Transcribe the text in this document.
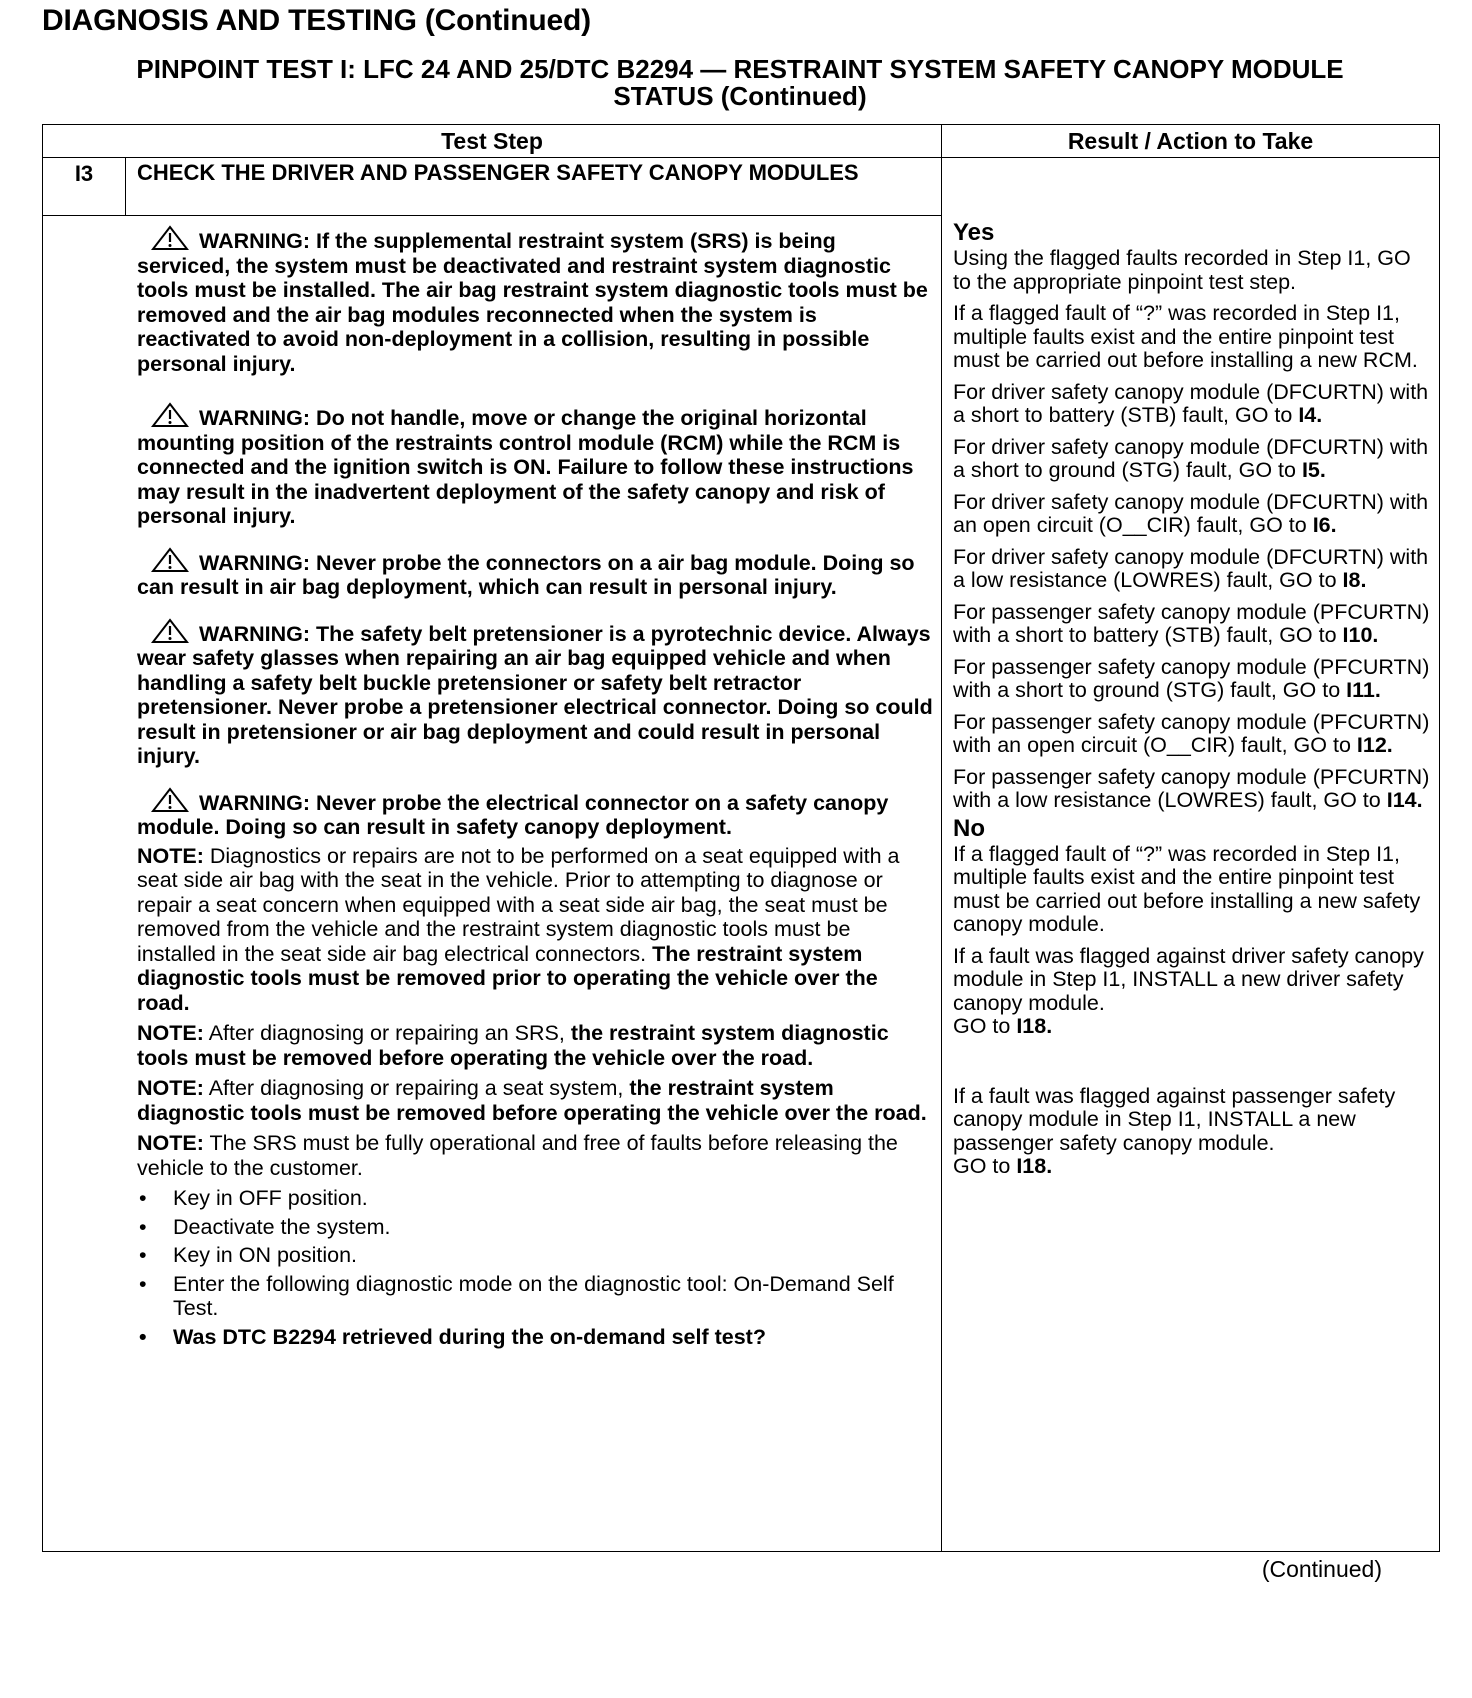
DIAGNOSIS AND TESTING (Continued)
PINPOINT TEST I: LFC 24 AND 25/DTC B2294 — RESTRAINT SYSTEM SAFETY CANOPY MODULE
STATUS (Continued)
Test Step	Result / Action to Take
I3	CHECK THE DRIVER AND PASSENGER SAFETY CANOPY MODULES
WARNING: If the supplemental restraint system (SRS) is being serviced, the system must be deactivated and restraint system diagnostic tools must be installed. The air bag restraint system diagnostic tools must be removed and the air bag modules reconnected when the system is reactivated to avoid non-deployment in a collision, resulting in possible personal injury.
WARNING: Do not handle, move or change the original horizontal mounting position of the restraints control module (RCM) while the RCM is connected and the ignition switch is ON. Failure to follow these instructions may result in the inadvertent deployment of the safety canopy and risk of personal injury.
WARNING: Never probe the connectors on a air bag module. Doing so can result in air bag deployment, which can result in personal injury.
WARNING: The safety belt pretensioner is a pyrotechnic device. Always wear safety glasses when repairing an air bag equipped vehicle and when handling a safety belt buckle pretensioner or safety belt retractor pretensioner. Never probe a pretensioner electrical connector. Doing so could result in pretensioner or air bag deployment and could result in personal injury.
WARNING: Never probe the electrical connector on a safety canopy module. Doing so can result in safety canopy deployment.
NOTE: Diagnostics or repairs are not to be performed on a seat equipped with a seat side air bag with the seat in the vehicle. Prior to attempting to diagnose or repair a seat concern when equipped with a seat side air bag, the seat must be removed from the vehicle and the restraint system diagnostic tools must be installed in the seat side air bag electrical connectors. The restraint system diagnostic tools must be removed prior to operating the vehicle over the road.
NOTE: After diagnosing or repairing an SRS, the restraint system diagnostic tools must be removed before operating the vehicle over the road.
NOTE: After diagnosing or repairing a seat system, the restraint system diagnostic tools must be removed before operating the vehicle over the road.
NOTE: The SRS must be fully operational and free of faults before releasing the vehicle to the customer.
• Key in OFF position.
• Deactivate the system.
• Key in ON position.
• Enter the following diagnostic mode on the diagnostic tool: On-Demand Self Test.
• Was DTC B2294 retrieved during the on-demand self test?
Yes
Using the flagged faults recorded in Step I1, GO to the appropriate pinpoint test step.
If a flagged fault of “?” was recorded in Step I1, multiple faults exist and the entire pinpoint test must be carried out before installing a new RCM.
For driver safety canopy module (DFCURTN) with a short to battery (STB) fault, GO to I4.
For driver safety canopy module (DFCURTN) with a short to ground (STG) fault, GO to I5.
For driver safety canopy module (DFCURTN) with an open circuit (O__CIR) fault, GO to I6.
For driver safety canopy module (DFCURTN) with a low resistance (LOWRES) fault, GO to I8.
For passenger safety canopy module (PFCURTN) with a short to battery (STB) fault, GO to I10.
For passenger safety canopy module (PFCURTN) with a short to ground (STG) fault, GO to I11.
For passenger safety canopy module (PFCURTN) with an open circuit (O__CIR) fault, GO to I12.
For passenger safety canopy module (PFCURTN) with a low resistance (LOWRES) fault, GO to I14.
No
If a flagged fault of “?” was recorded in Step I1, multiple faults exist and the entire pinpoint test must be carried out before installing a new safety canopy module.
If a fault was flagged against driver safety canopy module in Step I1, INSTALL a new driver safety canopy module.
GO to I18.
If a fault was flagged against passenger safety canopy module in Step I1, INSTALL a new passenger safety canopy module.
GO to I18.
(Continued)
